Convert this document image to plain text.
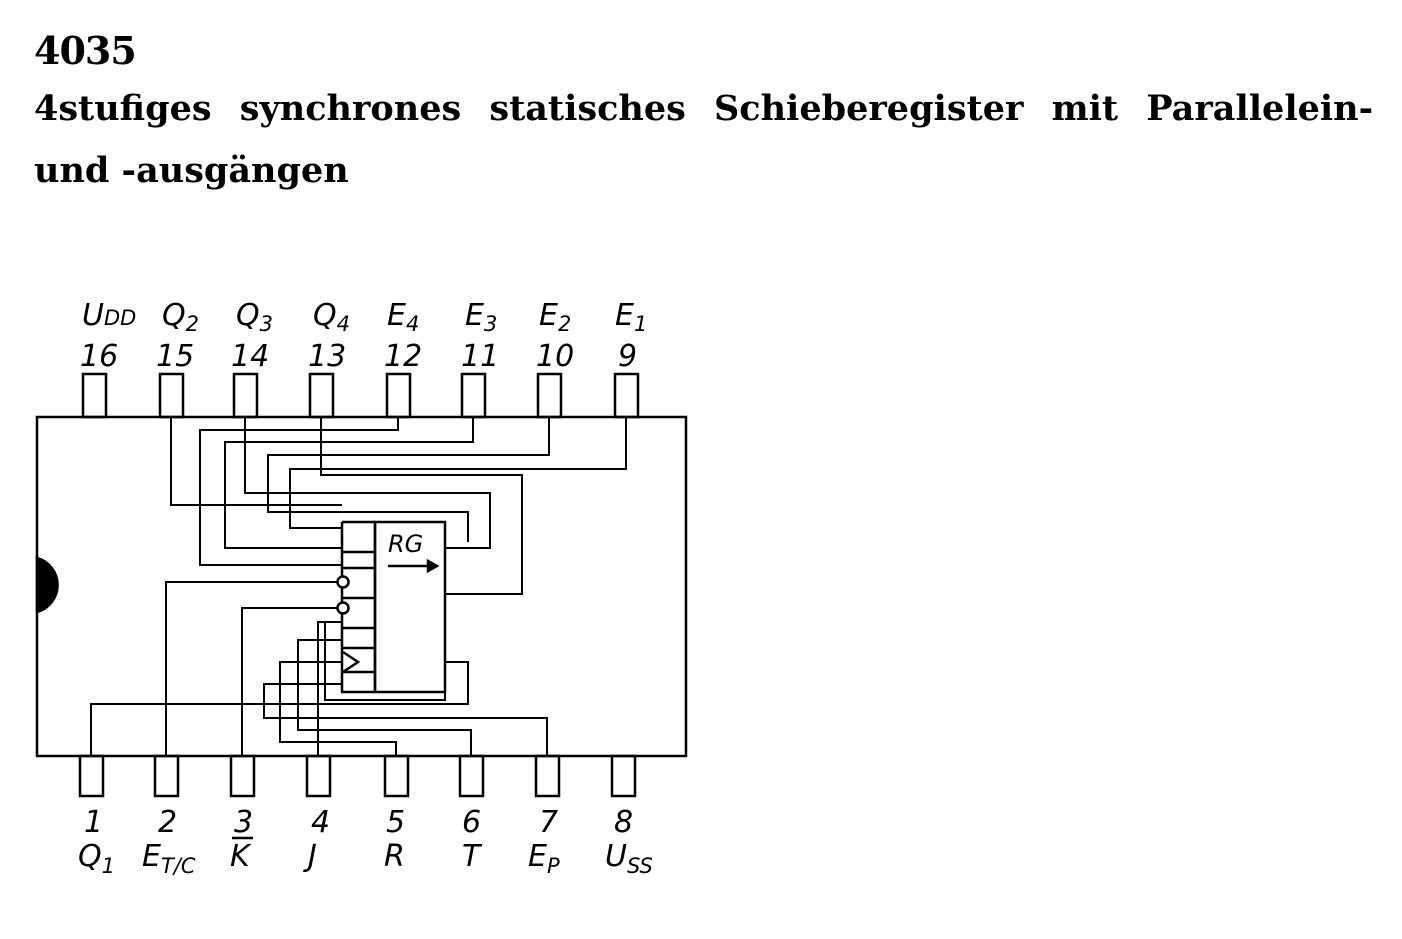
4035
4stufiges synchrones statisches Schieberegister mit Parallelein-
und -ausgängen
RG
16 15 14 13 12 11 10 9
UDD $Q_2$ $Q_3$ $Q_4$ $E_4$ $E_3$ $E_2$ $E_1$
1 2 3 4 5 6 7 8
$Q_1$ $E_{T/C}$ K J R T $E_P$ $U_{SS}$
